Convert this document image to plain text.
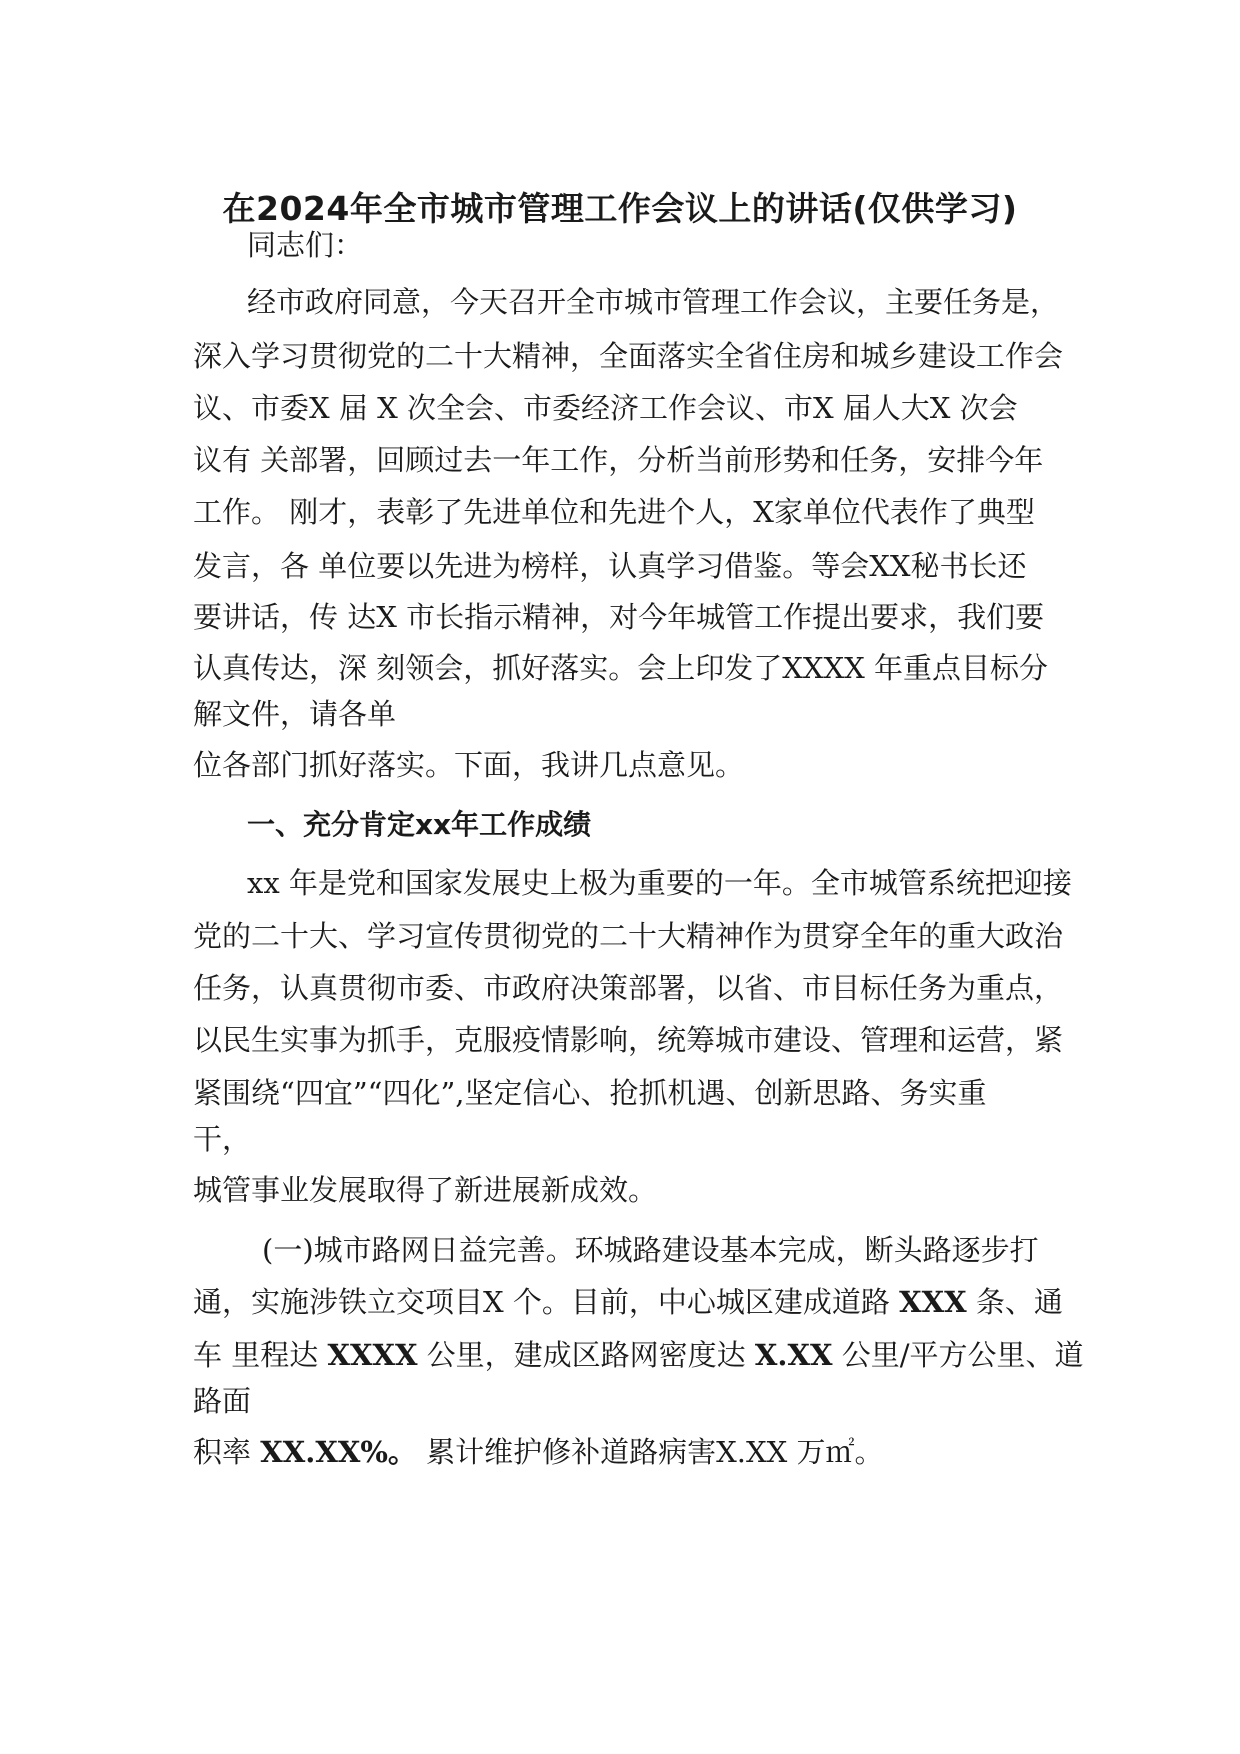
在2024年全市城市管理工作会议上的讲话(仅供学习)
同志们：
经市政府同意，今天召开全市城市管理工作会议，主要任务是，
深入学习贯彻党的二十大精神，全面落实全省住房和城乡建设工作会
议、市委X 届 X 次全会、市委经济工作会议、市X 届人大X 次会
议有 关部署，回顾过去一年工作，分析当前形势和任务，安排今年
工作。 刚才，表彰了先进单位和先进个人，X家单位代表作了典型
发言，各 单位要以先进为榜样，认真学习借鉴。等会XX秘书长还
要讲话，传 达X 市长指示精神，对今年城管工作提出要求，我们要
认真传达，深 刻领会，抓好落实。会上印发了XXXX 年重点目标分
解文件，请各单
位各部门抓好落实。下面，我讲几点意见。
一、充分肯定xx年工作成绩
xx 年是党和国家发展史上极为重要的一年。全市城管系统把迎接
党的二十大、学习宣传贯彻党的二十大精神作为贯穿全年的重大政治
任务，认真贯彻市委、市政府决策部署，以省、市目标任务为重点，
以民生实事为抓手，克服疫情影响，统筹城市建设、管理和运营，紧
紧围绕“四宜”“四化”,坚定信心、抢抓机遇、创新思路、务实重
干，
城管事业发展取得了新进展新成效。
(一)城市路网日益完善。环城路建设基本完成，断头路逐步打
通，实施涉铁立交项目X 个。目前，中心城区建成道路 XXX 条、通
车 里程达 XXXX 公里，建成区路网密度达 X.XX 公里/平方公里、道
路面
积率 XX.XX%。 累计维护修补道路病害X.XX 万㎡。
